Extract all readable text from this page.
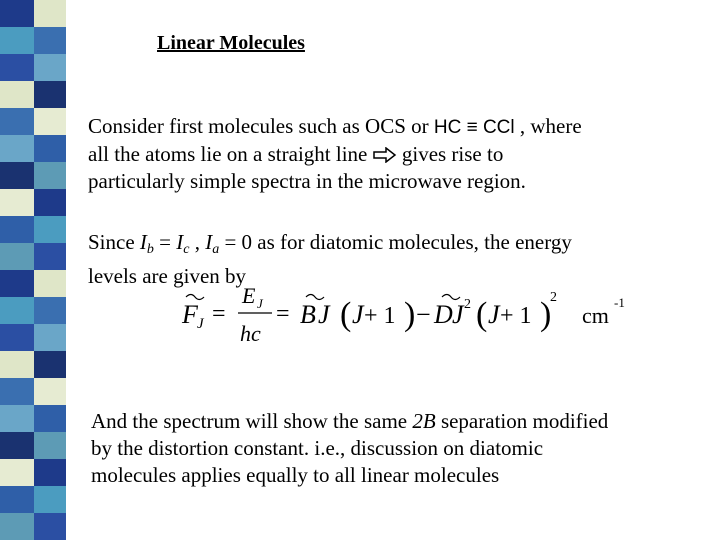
Linear Molecules
Consider first molecules such as OCS or HC ≡ CCl , where
all the atoms lie on a straight line gives rise to
particularly simple spectra in the microwave region.
Since $I_b = I_c$ , $I_a = 0$ as for diatomic molecules, the energy
levels are given by
F J =
E J
hc
= B J ( J + 1 ) − D J 2 ( J + 1 )
2
cm
-1
And the spectrum will show the same 2B separation modified
by the distortion constant. i.e., discussion on diatomic
molecules applies equally to all linear molecules
